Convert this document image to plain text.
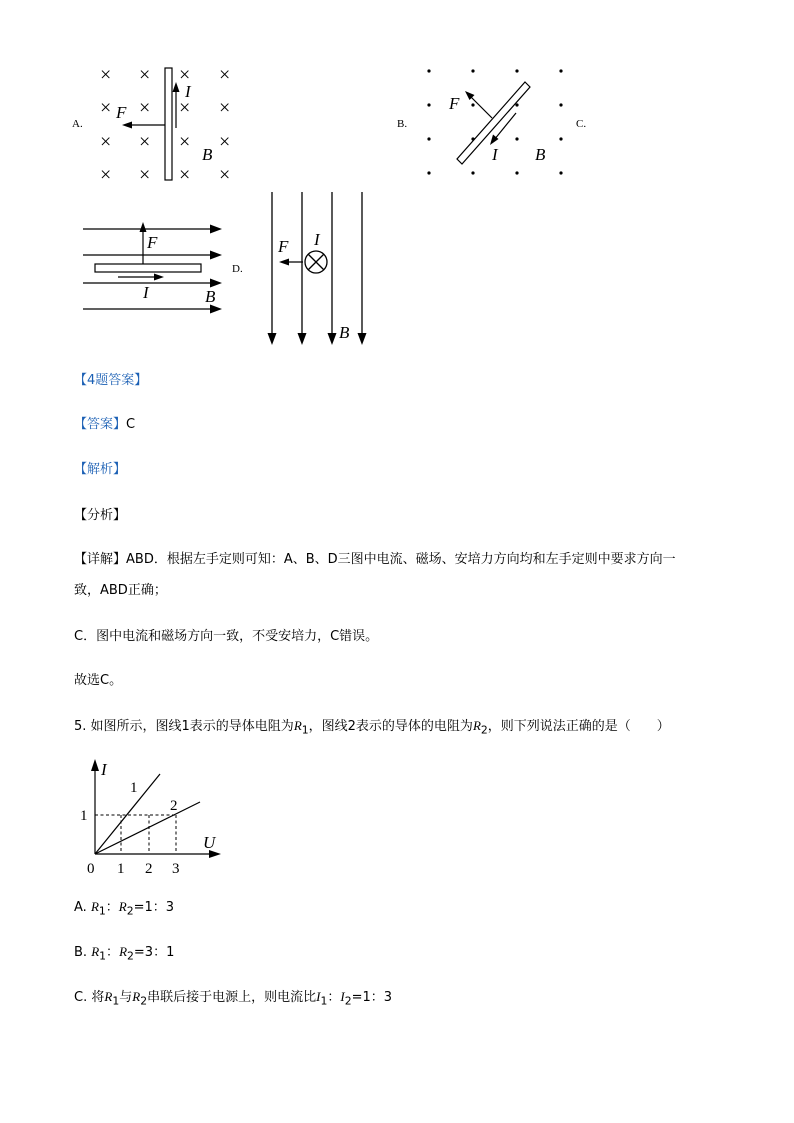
A.
× × × ×
× × × ×
× × × ×
× × × ×
F
I
B
B.
F
I B
C.
F
I	B
D.
F I
B
【4题答案】
【答案】C
【解析】
【分析】
【详解】ABD．根据左手定则可知：A、B、D三图中电流、磁场、安培力方向均和左手定则中要求方向一
致，ABD正确；
C．图中电流和磁场方向一致，不受安培力，C错误。
故选C。
5. 如图所示，图线1表示的导体电阻为$R_1$，图线2表示的导体的电阻为$R_2$，则下列说法正确的是（　　）
I
U
0
1
1 2 3
1
2
A. $R_1$：$R_2=1$：3
B. $R_1$：$R_2=3$：1
C. 将$R_1$与$R_2$串联后接于电源上，则电流比$I_1$：$I_2=1$：3
